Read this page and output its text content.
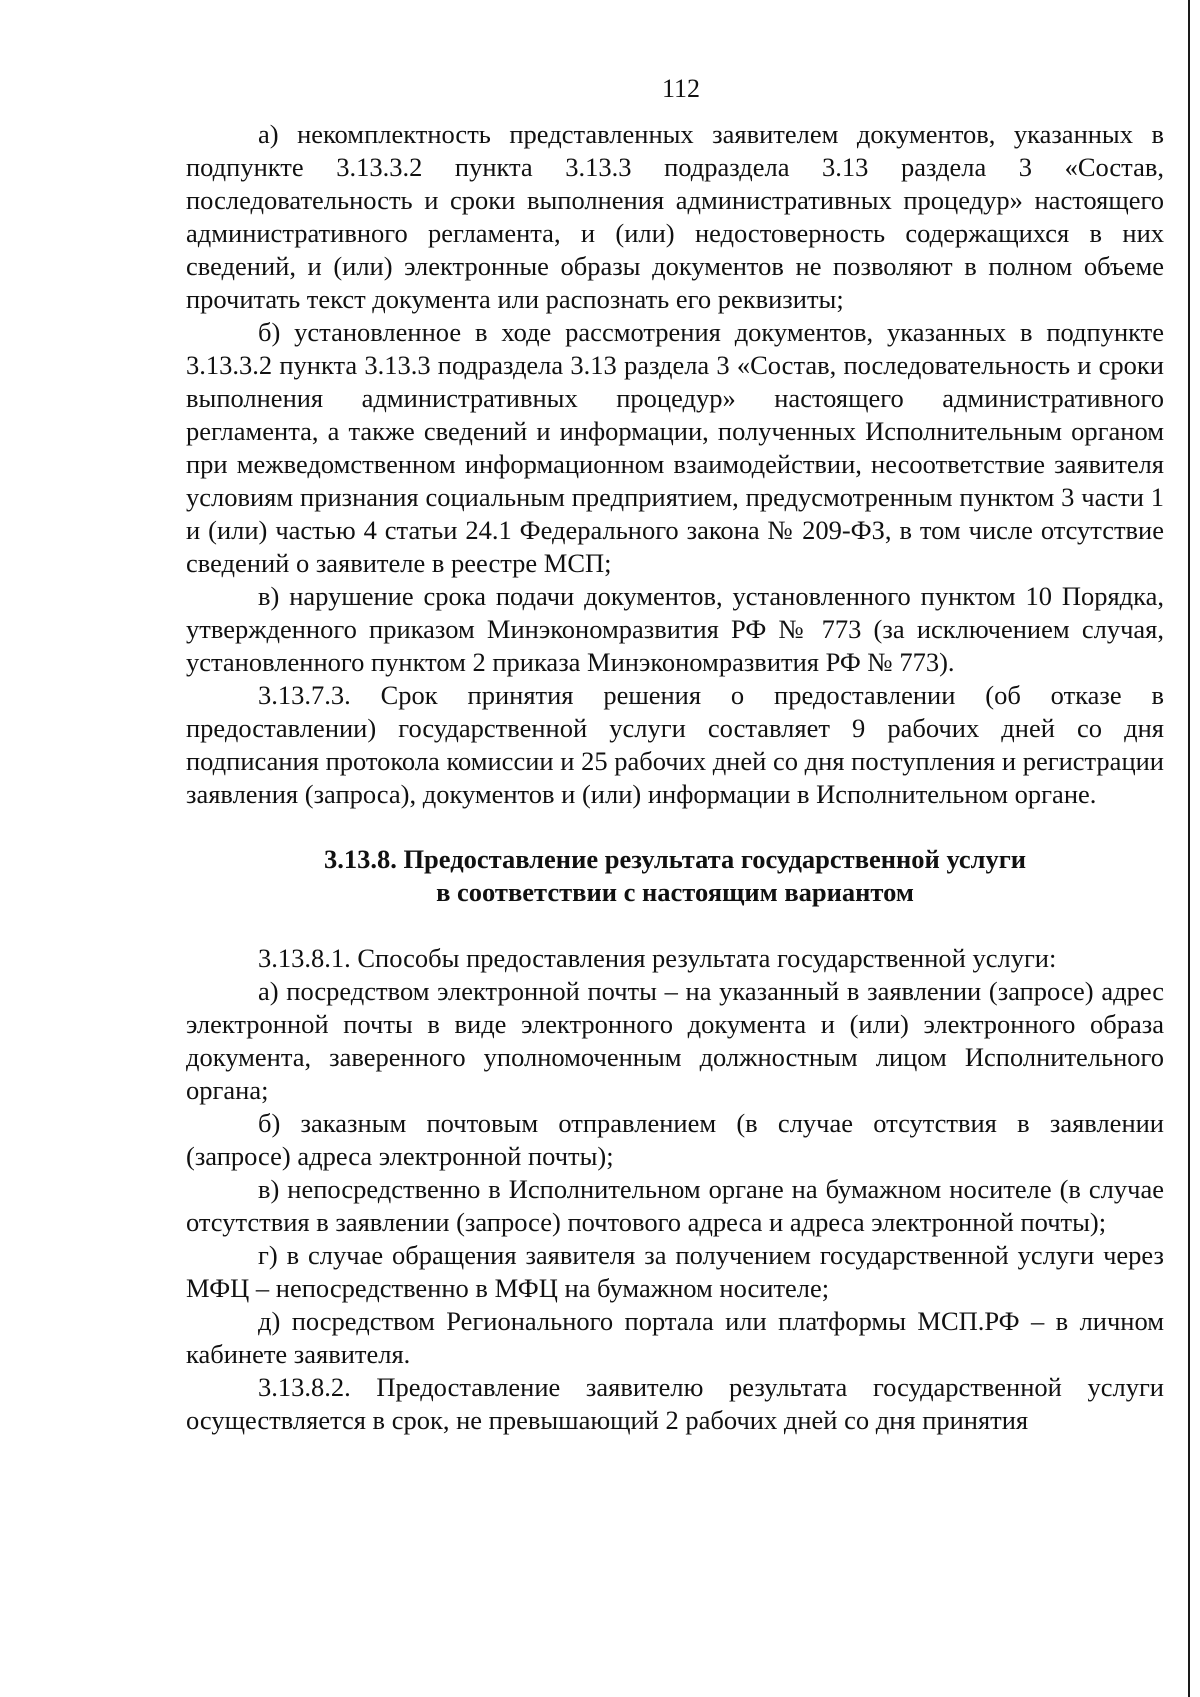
112

а) некомплектность представленных заявителем документов, указанных в подпункте 3.13.3.2 пункта 3.13.3 подраздела 3.13 раздела 3 «Состав, последовательность и сроки выполнения административных процедур» настоящего административного регламента, и (или) недостоверность содержащихся в них сведений, и (или) электронные образы документов не позволяют в полном объеме прочитать текст документа или распознать его реквизиты;

б) установленное в ходе рассмотрения документов, указанных в подпункте 3.13.3.2 пункта 3.13.3 подраздела 3.13 раздела 3 «Состав, последовательность и сроки выполнения административных процедур» настоящего административного регламента, а также сведений и информации, полученных Исполнительным органом при межведомственном информационном взаимодействии, несоответствие заявителя условиям признания социальным предприятием, предусмотренным пунктом 3 части 1 и (или) частью 4 статьи 24.1 Федерального закона № 209-ФЗ, в том числе отсутствие сведений о заявителе в реестре МСП;

в) нарушение срока подачи документов, установленного пунктом 10 Порядка, утвержденного приказом Минэкономразвития РФ № 773 (за исключением случая, установленного пунктом 2 приказа Минэкономразвития РФ № 773).

3.13.7.3. Срок принятия решения о предоставлении (об отказе в предоставлении) государственной услуги составляет 9 рабочих дней со дня подписания протокола комиссии и 25 рабочих дней со дня поступления и регистрации заявления (запроса), документов и (или) информации в Исполнительном органе.

3.13.8. Предоставление результата государственной услуги
в соответствии с настоящим вариантом

3.13.8.1. Способы предоставления результата государственной услуги:

а) посредством электронной почты – на указанный в заявлении (запросе) адрес электронной почты в виде электронного документа и (или) электронного образа документа, заверенного уполномоченным должностным лицом Исполнительного органа;

б) заказным почтовым отправлением (в случае отсутствия в заявлении (запросе) адреса электронной почты);

в) непосредственно в Исполнительном органе на бумажном носителе (в случае отсутствия в заявлении (запросе) почтового адреса и адреса электронной почты);

г) в случае обращения заявителя за получением государственной услуги через МФЦ – непосредственно в МФЦ на бумажном носителе;

д) посредством Регионального портала или платформы МСП.РФ – в личном кабинете заявителя.

3.13.8.2. Предоставление заявителю результата государственной услуги осуществляется в срок, не превышающий 2 рабочих дней со дня принятия
